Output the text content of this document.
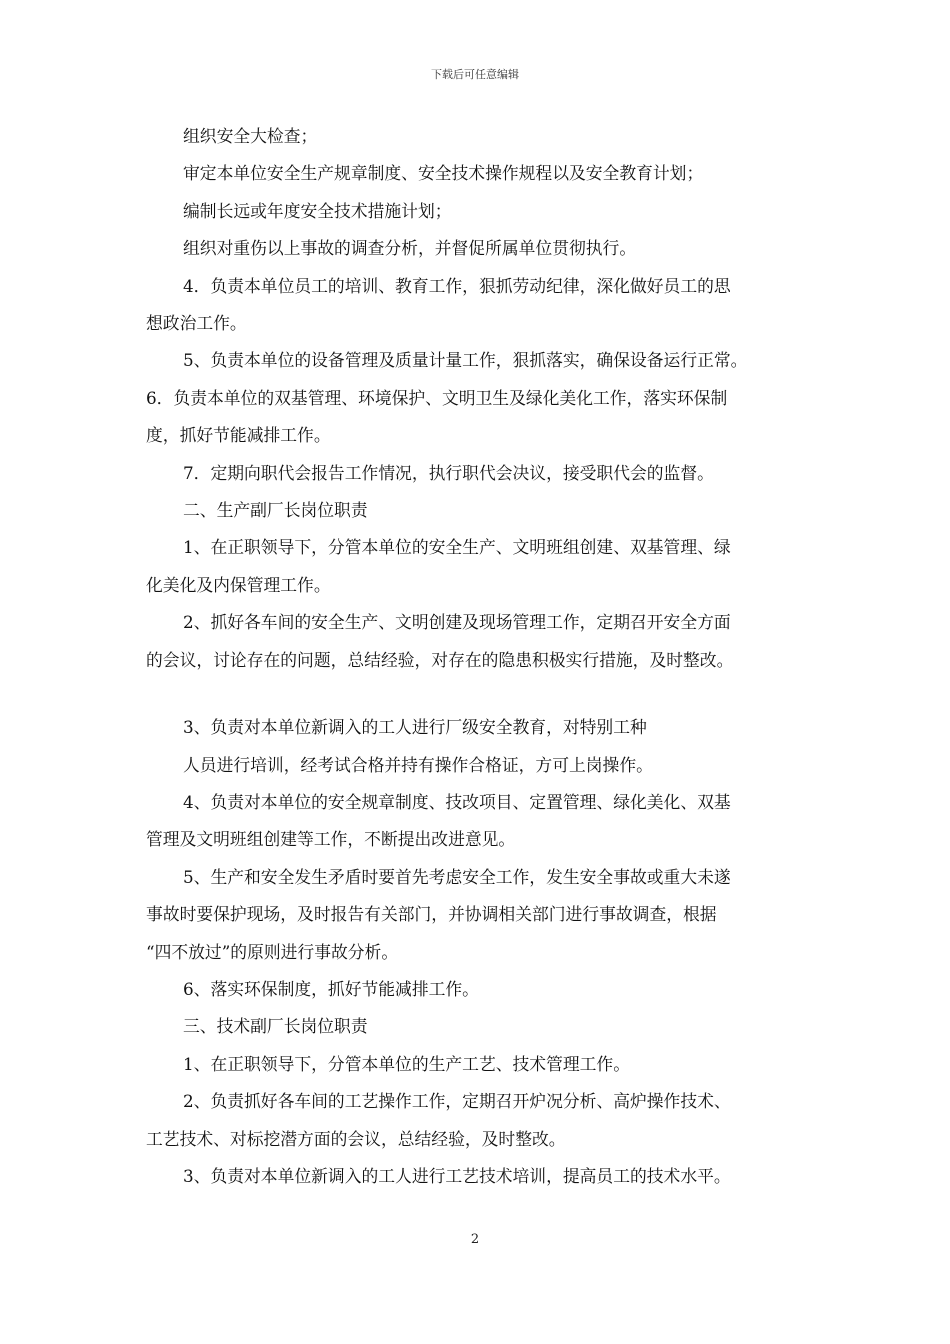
下载后可任意编辑

组织安全大检查；

审定本单位安全生产规章制度、安全技术操作规程以及安全教育计划；

编制长远或年度安全技术措施计划；

组织对重伤以上事故的调查分析，并督促所属单位贯彻执行。

4．负责本单位员工的培训、教育工作，狠抓劳动纪律，深化做好员工的思

想政治工作。

5、负责本单位的设备管理及质量计量工作，狠抓落实，确保设备运行正常。

6．负责本单位的双基管理、环境保护、文明卫生及绿化美化工作，落实环保制

度，抓好节能减排工作。

7．定期向职代会报告工作情况，执行职代会决议，接受职代会的监督。

二、生产副厂长岗位职责

1、在正职领导下，分管本单位的安全生产、文明班组创建、双基管理、绿

化美化及内保管理工作。

2、抓好各车间的安全生产、文明创建及现场管理工作，定期召开安全方面

的会议，讨论存在的问题，总结经验，对存在的隐患积极实行措施，及时整改。

3、负责对本单位新调入的工人进行厂级安全教育，对特别工种

人员进行培训，经考试合格并持有操作合格证，方可上岗操作。

4、负责对本单位的安全规章制度、技改项目、定置管理、绿化美化、双基

管理及文明班组创建等工作，不断提出改进意见。

5、生产和安全发生矛盾时要首先考虑安全工作，发生安全事故或重大未遂

事故时要保护现场，及时报告有关部门，并协调相关部门进行事故调查，根据

“四不放过”的原则进行事故分析。

6、落实环保制度，抓好节能减排工作。

三、技术副厂长岗位职责

1、在正职领导下，分管本单位的生产工艺、技术管理工作。

2、负责抓好各车间的工艺操作工作，定期召开炉况分析、高炉操作技术、

工艺技术、对标挖潜方面的会议，总结经验，及时整改。

3、负责对本单位新调入的工人进行工艺技术培训，提高员工的技术水平。

2
